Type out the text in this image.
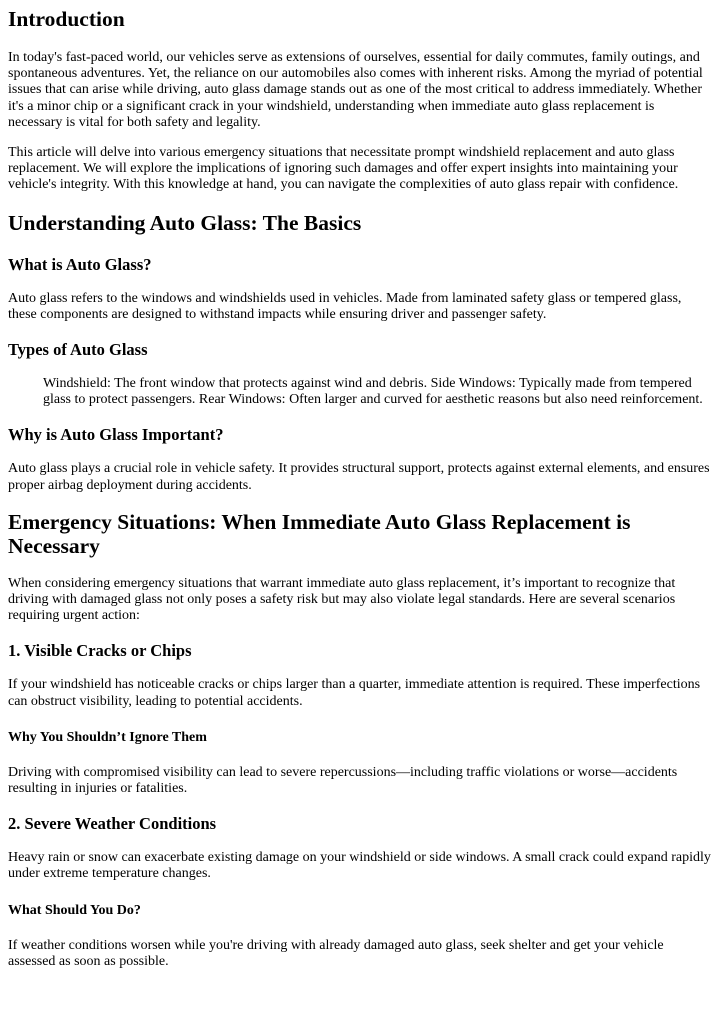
Introduction

In today's fast-paced world, our vehicles serve as extensions of ourselves, essential for daily commutes, family outings, and spontaneous adventures. Yet, the reliance on our automobiles also comes with inherent risks. Among the myriad of potential issues that can arise while driving, auto glass damage stands out as one of the most critical to address immediately. Whether it's a minor chip or a significant crack in your windshield, understanding when immediate auto glass replacement is necessary is vital for both safety and legality.

This article will delve into various emergency situations that necessitate prompt windshield replacement and auto glass replacement. We will explore the implications of ignoring such damages and offer expert insights into maintaining your vehicle's integrity. With this knowledge at hand, you can navigate the complexities of auto glass repair with confidence.

Understanding Auto Glass: The Basics
What is Auto Glass?

Auto glass refers to the windows and windshields used in vehicles. Made from laminated safety glass or tempered glass, these components are designed to withstand impacts while ensuring driver and passenger safety.

Types of Auto Glass

Windshield: The front window that protects against wind and debris. Side Windows: Typically made from tempered glass to protect passengers. Rear Windows: Often larger and curved for aesthetic reasons but also need reinforcement.

Why is Auto Glass Important?

Auto glass plays a crucial role in vehicle safety. It provides structural support, protects against external elements, and ensures proper airbag deployment during accidents.

Emergency Situations: When Immediate Auto Glass Replacement is Necessary

When considering emergency situations that warrant immediate auto glass replacement, it’s important to recognize that driving with damaged glass not only poses a safety risk but may also violate legal standards. Here are several scenarios requiring urgent action:

1. Visible Cracks or Chips

If your windshield has noticeable cracks or chips larger than a quarter, immediate attention is required. These imperfections can obstruct visibility, leading to potential accidents.

Why You Shouldn’t Ignore Them

Driving with compromised visibility can lead to severe repercussions—including traffic violations or worse—accidents resulting in injuries or fatalities.

2. Severe Weather Conditions

Heavy rain or snow can exacerbate existing damage on your windshield or side windows. A small crack could expand rapidly under extreme temperature changes.

What Should You Do?

If weather conditions worsen while you're driving with already damaged auto glass, seek shelter and get your vehicle assessed as soon as possible.
